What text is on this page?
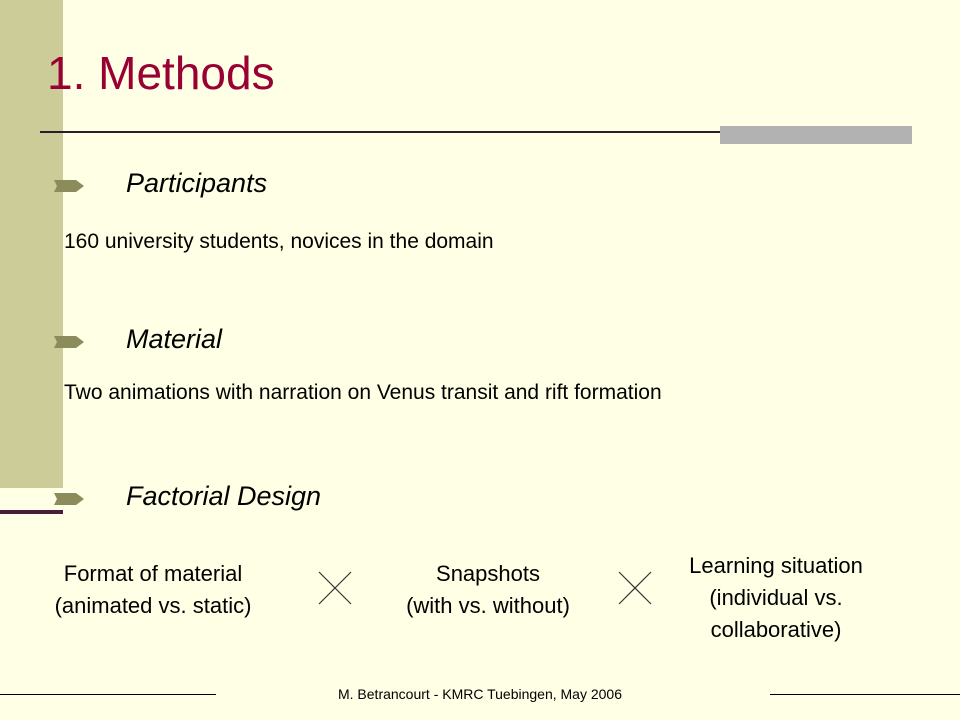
1. Methods
Participants
160 university students, novices in the domain
Material
Two animations with narration on Venus transit and rift formation
Factorial Design
Format of material
(animated vs. static)
Snapshots
(with vs. without)
Learning situation
(individual vs.
collaborative)
M. Betrancourt - KMRC Tuebingen, May 2006
